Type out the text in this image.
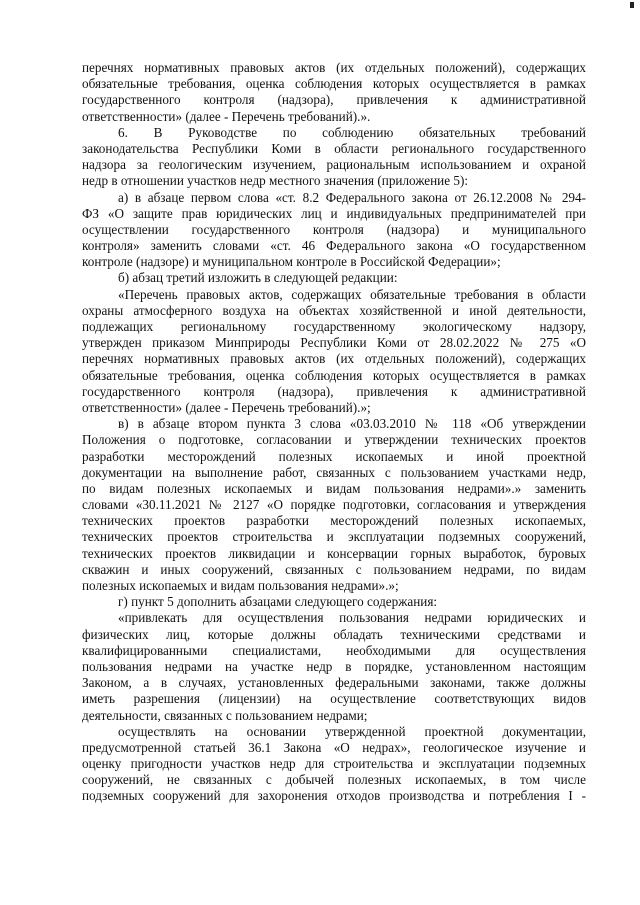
перечнях нормативных правовых актов (их отдельных положений), содержащих
обязательные требования, оценка соблюдения которых осуществляется в рамках
государственного контроля (надзора), привлечения к административной
ответственности» (далее - Перечень требований).».
6. В Руководстве по соблюдению обязательных требований
законодательства Республики Коми в области регионального государственного
надзора за геологическим изучением, рациональным использованием и охраной
недр в отношении участков недр местного значения (приложение 5):
а) в абзаце первом слова «ст. 8.2 Федерального закона от 26.12.2008 № 294-
ФЗ «О защите прав юридических лиц и индивидуальных предпринимателей при
осуществлении государственного контроля (надзора) и муниципального
контроля» заменить словами «ст. 46 Федерального закона «О государственном
контроле (надзоре) и муниципальном контроле в Российской Федерации»;
б) абзац третий изложить в следующей редакции:
«Перечень правовых актов, содержащих обязательные требования в области
охраны атмосферного воздуха на объектах хозяйственной и иной деятельности,
подлежащих региональному государственному экологическому надзору,
утвержден приказом Минприроды Республики Коми от 28.02.2022 № 275 «О
перечнях нормативных правовых актов (их отдельных положений), содержащих
обязательные требования, оценка соблюдения которых осуществляется в рамках
государственного контроля (надзора), привлечения к административной
ответственности» (далее - Перечень требований).»;
в) в абзаце втором пункта 3 слова «03.03.2010 № 118 «Об утверждении
Положения о подготовке, согласовании и утверждении технических проектов
разработки месторождений полезных ископаемых и иной проектной
документации на выполнение работ, связанных с пользованием участками недр,
по видам полезных ископаемых и видам пользования недрами».» заменить
словами «30.11.2021 № 2127 «О порядке подготовки, согласования и утверждения
технических проектов разработки месторождений полезных ископаемых,
технических проектов строительства и эксплуатации подземных сооружений,
технических проектов ликвидации и консервации горных выработок, буровых
скважин и иных сооружений, связанных с пользованием недрами, по видам
полезных ископаемых и видам пользования недрами».»;
г) пункт 5 дополнить абзацами следующего содержания:
«привлекать для осуществления пользования недрами юридических и
физических лиц, которые должны обладать техническими средствами и
квалифицированными специалистами, необходимыми для осуществления
пользования недрами на участке недр в порядке, установленном настоящим
Законом, а в случаях, установленных федеральными законами, также должны
иметь разрешения (лицензии) на осуществление соответствующих видов
деятельности, связанных с пользованием недрами;
осуществлять на основании утвержденной проектной документации,
предусмотренной статьей 36.1 Закона «О недрах», геологическое изучение и
оценку пригодности участков недр для строительства и эксплуатации подземных
сооружений, не связанных с добычей полезных ископаемых, в том числе
подземных сооружений для захоронения отходов производства и потребления I -
